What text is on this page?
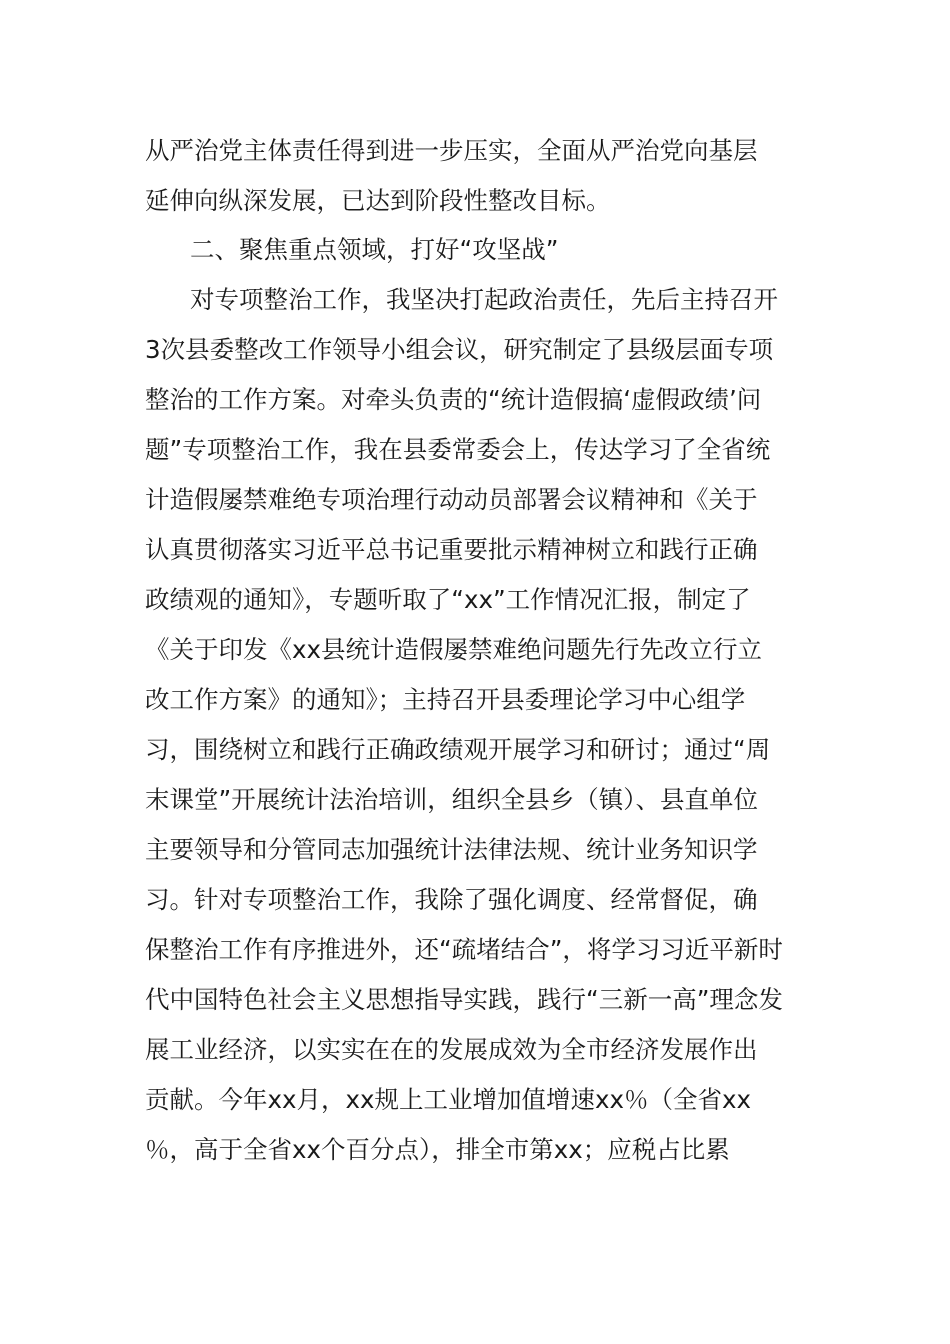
从严治党主体责任得到进一步压实，全面从严治党向基层
延伸向纵深发展，已达到阶段性整改目标。
二、聚焦重点领域，打好“攻坚战”
对专项整治工作，我坚决打起政治责任，先后主持召开
3次县委整改工作领导小组会议，研究制定了县级层面专项
整治的工作方案。对牵头负责的“统计造假搞‘虚假政绩’问
题”专项整治工作，我在县委常委会上，传达学习了全省统
计造假屡禁难绝专项治理行动动员部署会议精神和《关于
认真贯彻落实习近平总书记重要批示精神树立和践行正确
政绩观的通知》，专题听取了“xx”工作情况汇报，制定了
《关于印发《xx县统计造假屡禁难绝问题先行先改立行立
改工作方案》的通知》；主持召开县委理论学习中心组学
习，围绕树立和践行正确政绩观开展学习和研讨；通过“周
末课堂”开展统计法治培训，组织全县乡（镇）、县直单位
主要领导和分管同志加强统计法律法规、统计业务知识学
习。针对专项整治工作，我除了强化调度、经常督促，确
保整治工作有序推进外，还“疏堵结合”，将学习习近平新时
代中国特色社会主义思想指导实践，践行“三新一高”理念发
展工业经济，以实实在在的发展成效为全市经济发展作出
贡献。今年xx月，xx规上工业增加值增速xx％（全省xx
％，高于全省xx个百分点），排全市第xx；应税占比累
